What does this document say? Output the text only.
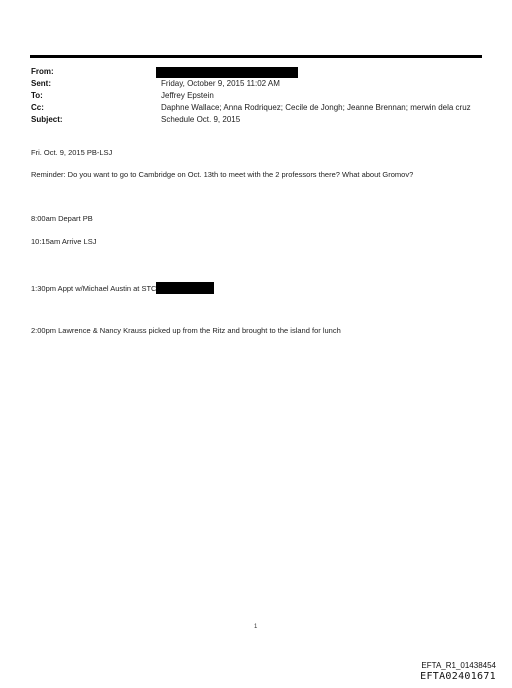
From:
Sent:	Friday, October 9, 2015 11:02 AM
To:	Jeffrey Epstein
Cc:	Daphne Wallace; Anna Rodriquez; Cecile de Jongh; Jeanne Brennan; merwin dela cruz
Subject:	Schedule Oct. 9, 2015
Fri. Oct. 9, 2015 PB-LSJ
Reminder: Do you want to go to Cambridge on Oct. 13th to meet with the 2 professors there? What about Gromov?
8:00am Depart PB
10:15am Arrive LSJ
1:30pm Appt w/Michael Austin at STC
2:00pm Lawrence & Nancy Krauss picked up from the Ritz and brought to the island for lunch
1
EFTA_R1_01438454
EFTA02401671
